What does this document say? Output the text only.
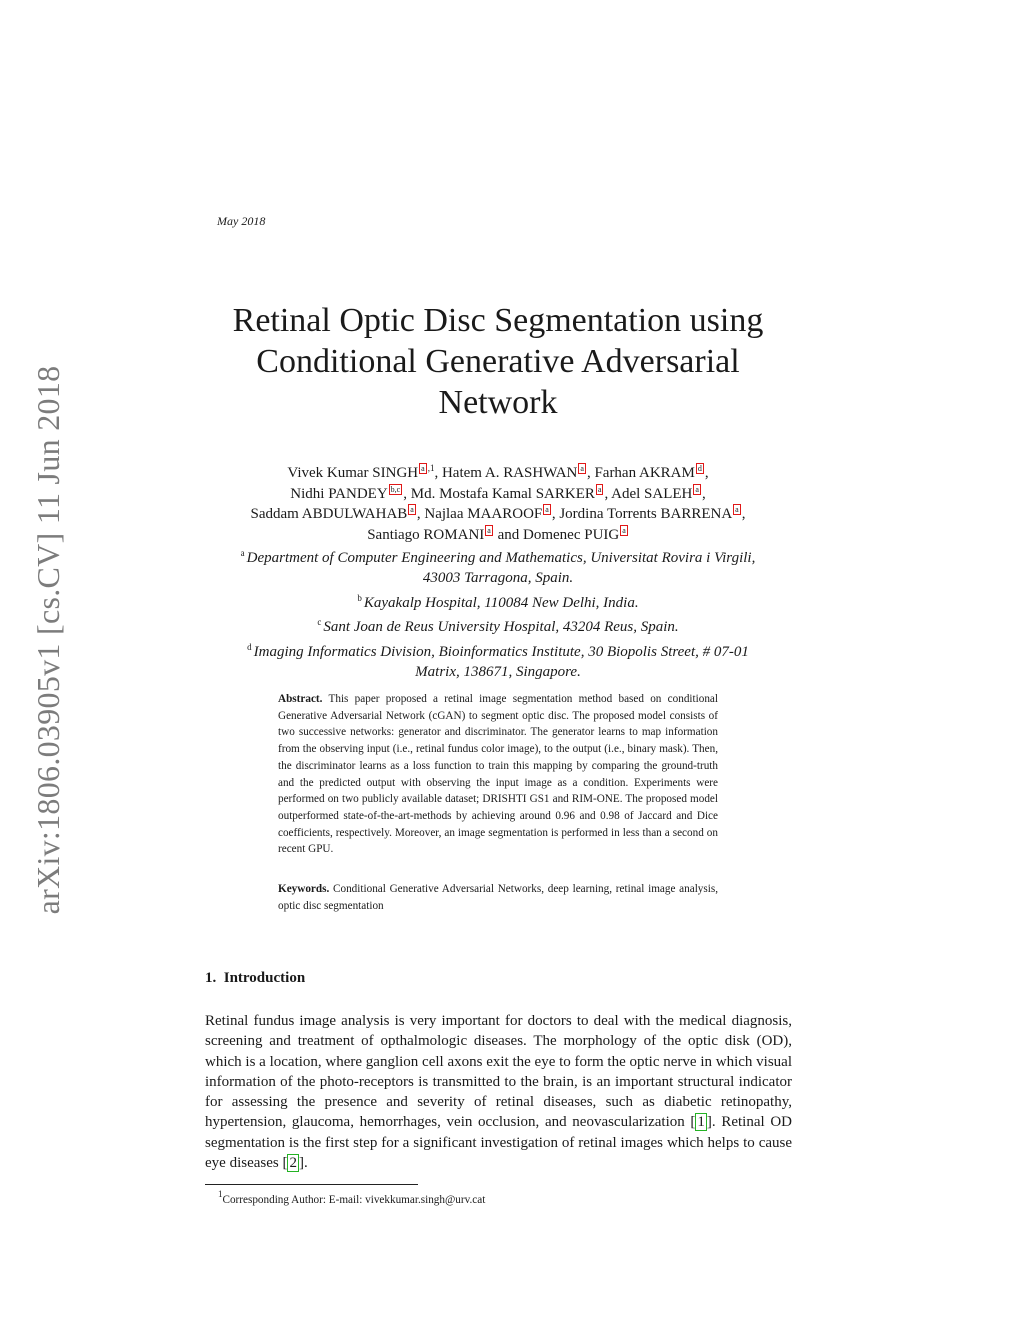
arXiv:1806.03905v1 [cs.CV] 11 Jun 2018
May 2018
Retinal Optic Disc Segmentation using
Conditional Generative Adversarial
Network
Vivek Kumar SINGH a $^{,1}$, Hatem A. RASHWAN a , Farhan AKRAM d ,
Nidhi PANDEY b,c , Md. Mostafa Kamal SARKER a , Adel SALEH a ,
Saddam ABDULWAHAB a , Najlaa MAAROOF a , Jordina Torrents BARRENA a ,
Santiago ROMANI a and Domenec PUIG a
$^a$ Department of Computer Engineering and Mathematics, Universitat Rovira i Virgili,
43003 Tarragona, Spain.
$^b$ Kayakalp Hospital, 110084 New Delhi, India.
$^c$ Sant Joan de Reus University Hospital, 43204 Reus, Spain.
$^d$ Imaging Informatics Division, Bioinformatics Institute, 30 Biopolis Street, # 07-01
Matrix, 138671, Singapore.
Abstract. This paper proposed a retinal image segmentation method based on conditional Generative Adversarial Network (cGAN) to segment optic disc. The proposed model consists of two successive networks: generator and discriminator. The generator learns to map information from the observing input (i.e., retinal fundus color image), to the output (i.e., binary mask). Then, the discriminator learns as a loss function to train this mapping by comparing the ground-truth and the predicted output with observing the input image as a condition. Experiments were performed on two publicly available dataset; DRISHTI GS1 and RIM-ONE. The proposed model outperformed state-of-the-art-methods by achieving around 0.96 and 0.98 of Jaccard and Dice coefficients, respectively. Moreover, an image segmentation is performed in less than a second on recent GPU.
Keywords. Conditional Generative Adversarial Networks, deep learning, retinal image analysis, optic disc segmentation
1. Introduction
Retinal fundus image analysis is very important for doctors to deal with the medical diagnosis, screening and treatment of opthalmologic diseases. The morphology of the optic disk (OD), which is a location, where ganglion cell axons exit the eye to form the optic nerve in which visual information of the photo-receptors is transmitted to the brain, is an important structural indicator for assessing the presence and severity of retinal diseases, such as diabetic retinopathy, hypertension, glaucoma, hemorrhages, vein occlusion, and neovascularization [ 1 ]. Retinal OD segmentation is the first step for a significant investigation of retinal images which helps to cause eye diseases [ 2 ].
$^1$Corresponding Author: E-mail: vivekkumar.singh@urv.cat
